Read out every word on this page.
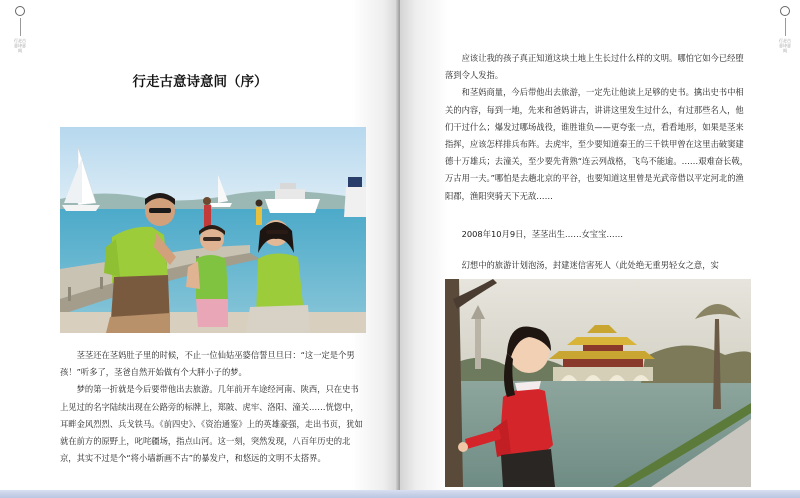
行走古意诗意间
行走古意诗意间（序）

茎茎还在茎妈肚子里的时候，不止一位仙姑巫婆信誓旦旦曰：“这一定是个男孩！”听多了，茎爸自然开始做有个大胖小子的梦。

梦的第一折就是今后要带他出去旅游。几年前开车途经河南、陕西，只在史书上见过的名字陆续出现在公路旁的标牌上，郑陂、虎牢、洛阳、潼关……恍惚中，耳畔金风烈烈、兵戈铁马。《前四史》、《资治通鉴》上的英雄豪强，走出书页，犹如就在前方的原野上，叱咤疆场，指点山河。这一刻，突然发现，八百年历史的北京，其实不过是个“将小墙新画不古”的暴发户，和悠远的文明不太搭界。

行走古意诗意间

应该让我的孩子真正知道这块土地上生长过什么样的文明。哪怕它如今已经堕落到令人发指。

和茎妈商量，今后带他出去旅游，一定先让他读上足够的史书。擒出史书中相关的内容，每到一地，先来和爸妈讲古，讲讲这里发生过什么，有过那些名人，他们干过什么；爆发过哪场战役，谁胜谁负——更夸张一点，看看地形，如果是茎来指挥，应该怎样排兵布阵。去虎牢，至少要知道秦王的三千铁甲曾在这里击破窦建德十万雄兵；去潼关，至少要先背熟“连云列战格，飞鸟不能逾。……艰难奋长戟，万古用一夫。”哪怕是去趟北京的平谷，也要知道这里曾是光武帝借以平定河北的渔阳郡，渔阳突骑天下无敌……

2008年10月9日，茎茎出生……女宝宝……
幻想中的旅游计划泡汤，封建迷信害死人（此处绝无重男轻女之意，实
